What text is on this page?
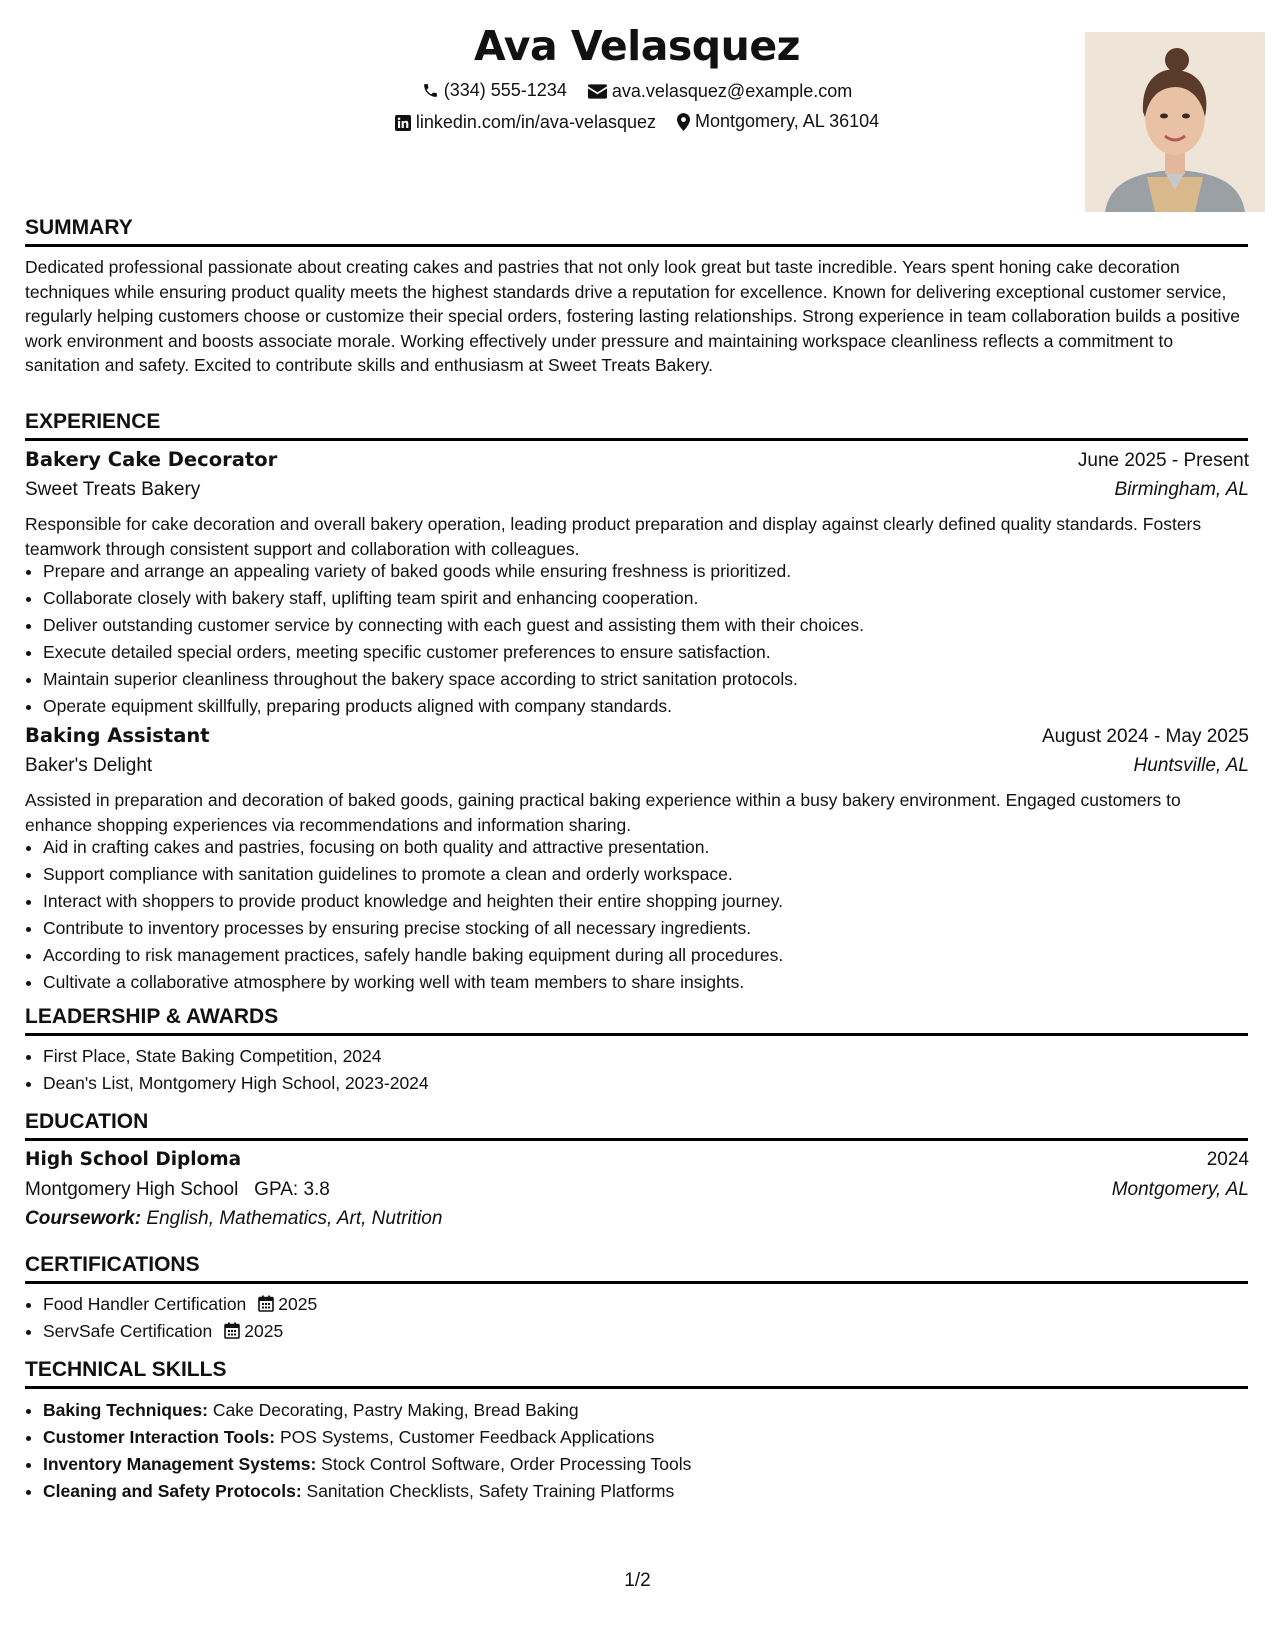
Ava Velasquez
(334) 555-1234
	ava.velasquez@example.com
linkedin.com/in/ava-velasquez
Montgomery, AL 36104
SUMMARY
Dedicated professional passionate about creating cakes and pastries that not only look great but taste incredible. Years spent honing cake decoration techniques while ensuring product quality meets the highest standards drive a reputation for excellence. Known for delivering exceptional customer service, regularly helping customers choose or customize their special orders, fostering lasting relationships. Strong experience in team collaboration builds a positive work environment and boosts associate morale. Working effectively under pressure and maintaining workspace cleanliness reflects a commitment to sanitation and safety. Excited to contribute skills and enthusiasm at Sweet Treats Bakery.
EXPERIENCE
Bakery Cake Decorator	June 2025 - Present
Sweet Treats Bakery	Birmingham, AL
Responsible for cake decoration and overall bakery operation, leading product preparation and display against clearly defined quality standards. Fosters teamwork through consistent support and collaboration with colleagues.
• Prepare and arrange an appealing variety of baked goods while ensuring freshness is prioritized.
• Collaborate closely with bakery staff, uplifting team spirit and enhancing cooperation.
• Deliver outstanding customer service by connecting with each guest and assisting them with their choices.
• Execute detailed special orders, meeting specific customer preferences to ensure satisfaction.
• Maintain superior cleanliness throughout the bakery space according to strict sanitation protocols.
• Operate equipment skillfully, preparing products aligned with company standards.
Baking Assistant	August 2024 - May 2025
Baker's Delight	Huntsville, AL
Assisted in preparation and decoration of baked goods, gaining practical baking experience within a busy bakery environment. Engaged customers to enhance shopping experiences via recommendations and information sharing.
• Aid in crafting cakes and pastries, focusing on both quality and attractive presentation.
• Support compliance with sanitation guidelines to promote a clean and orderly workspace.
• Interact with shoppers to provide product knowledge and heighten their entire shopping journey.
• Contribute to inventory processes by ensuring precise stocking of all necessary ingredients.
• According to risk management practices, safely handle baking equipment during all procedures.
• Cultivate a collaborative atmosphere by working well with team members to share insights.
LEADERSHIP & AWARDS
• First Place, State Baking Competition, 2024
• Dean's List, Montgomery High School, 2023-2024
EDUCATION
High School Diploma	2024
Montgomery High School GPA: 3.8	Montgomery, AL
Coursework: English, Mathematics, Art, Nutrition
CERTIFICATIONS
• Food Handler Certification 2025
• ServSafe Certification 2025
TECHNICAL SKILLS
• Baking Techniques: Cake Decorating, Pastry Making, Bread Baking
• Customer Interaction Tools: POS Systems, Customer Feedback Applications
• Inventory Management Systems: Stock Control Software, Order Processing Tools
• Cleaning and Safety Protocols: Sanitation Checklists, Safety Training Platforms
1/2
